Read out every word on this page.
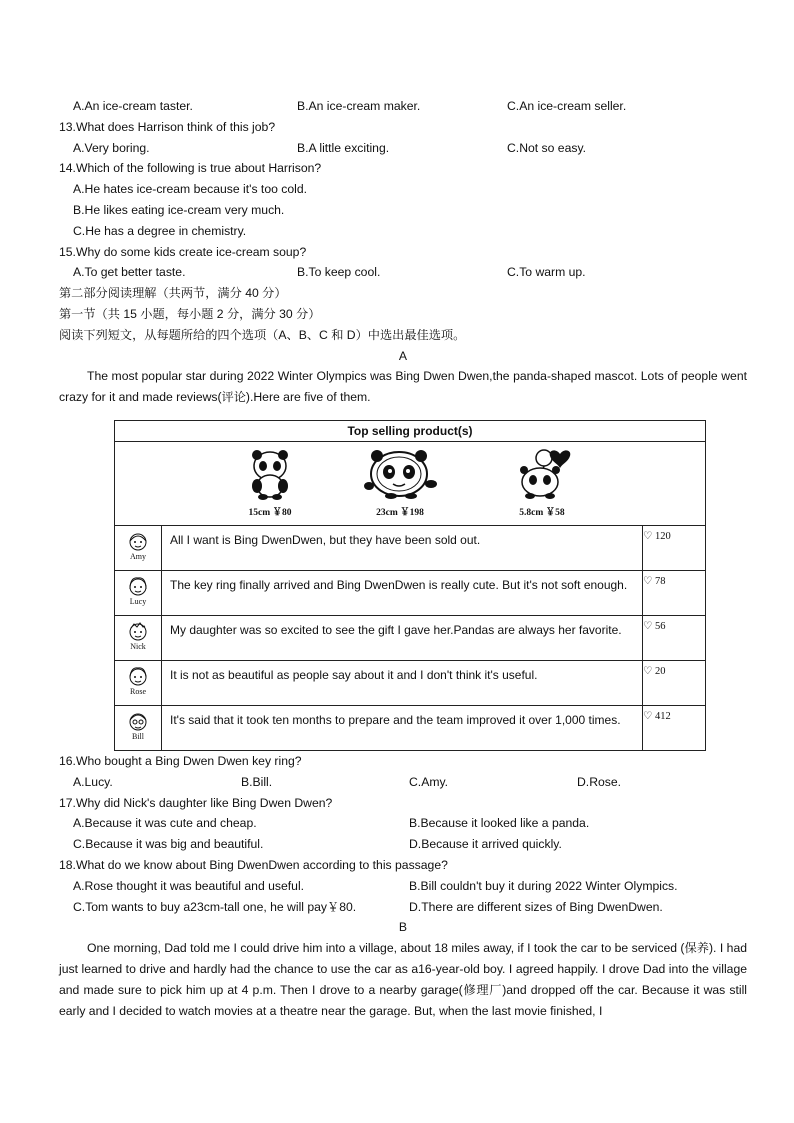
A.An ice-cream taster.	B.An ice-cream maker.	C.An ice-cream seller.
13.What does Harrison think of this job?
A.Very boring.	B.A little exciting.	C.Not so easy.
14.Which of the following is true about Harrison?
A.He hates ice-cream because it's too cold.
B.He likes eating ice-cream very much.
C.He has a degree in chemistry.
15.Why do some kids create ice-cream soup?
A.To get better taste.	B.To keep cool.	C.To warm up.
第二部分阅读理解（共两节，满分 40 分）
第一节（共 15 小题，每小题 2 分，满分 30 分）
阅读下列短文，从每题所给的四个选项（A、B、C 和 D）中选出最佳选项。
A

The most popular star during 2022 Winter Olympics was Bing Dwen Dwen,the panda-shaped mascot. Lots of people went crazy for it and made reviews(评论).Here are five of them.

Top selling product(s)		

15cm ￥80 23cm ￥198 5.8cm ￥58		

Amy	All I want is Bing DwenDwen, but they have been sold out.	♡ 120

Lucy	The key ring finally arrived and Bing DwenDwen is really cute. But it's not soft enough.	♡ 78

Nick	My daughter was so excited to see the gift I gave her.Pandas are always her favorite.	♡ 56

Rose	It is not as beautiful as people say about it and I don't think it's useful.	♡ 20

Bill	It's said that it took ten months to prepare and the team improved it over 1,000 times.	♡ 412
16.Who bought a Bing Dwen Dwen key ring?
A.Lucy.	B.Bill.	C.Amy.	D.Rose.
17.Why did Nick's daughter like Bing Dwen Dwen?
A.Because it was cute and cheap.	B.Because it looked like a panda.
C.Because it was big and beautiful.	D.Because it arrived quickly.
18.What do we know about Bing DwenDwen according to this passage?
A.Rose thought it was beautiful and useful.	B.Bill couldn't buy it during 2022 Winter Olympics.
C.Tom wants to buy a23cm-tall one, he will pay￥80.	D.There are different sizes of Bing DwenDwen.
B

One morning, Dad told me I could drive him into a village, about 18 miles away, if I took the car to be serviced (保养). I had just learned to drive and hardly had the chance to use the car as a16-year-old boy. I agreed happily. I drove Dad into the village and made sure to pick him up at 4 p.m. Then I drove to a nearby garage(修理厂)and dropped off the car. Because it was still early and I decided to watch movies at a theatre near the garage. But, when the last movie finished, I
